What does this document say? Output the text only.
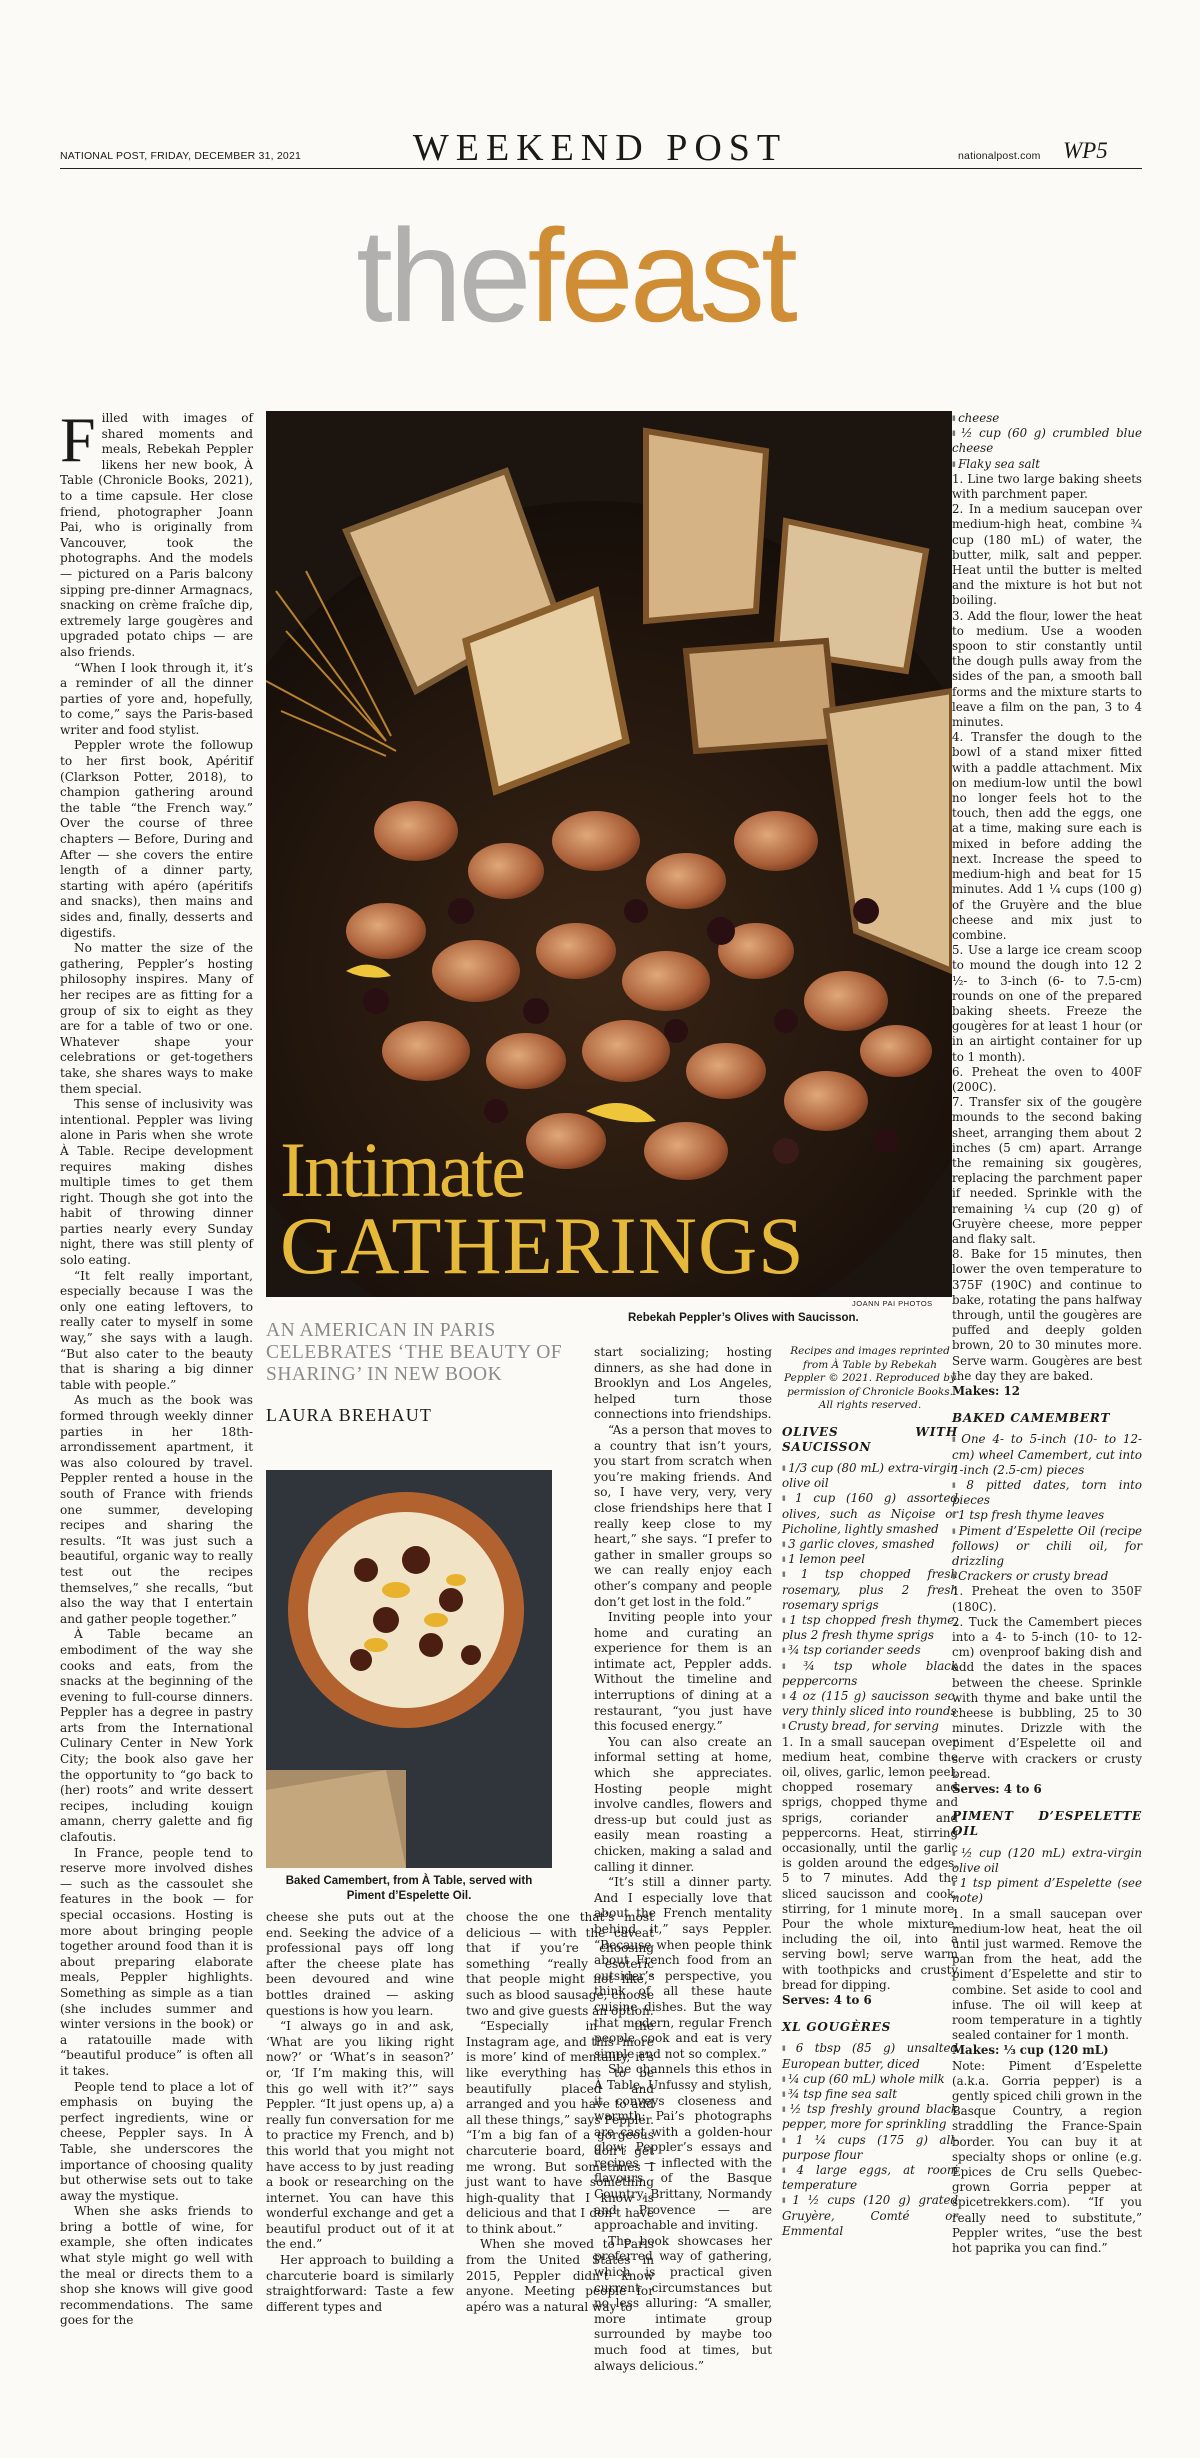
NATIONAL POST, FRIDAY, DECEMBER 31, 2021	WEEKEND POST	nationalpost.com WP5
thefeast
Intimate
GATHERINGS
JOANN PAI PHOTOS
Rebekah Peppler’s Olives with Saucisson.
AN AMERICAN IN PARIS CELEBRATES ‘THE BEAUTY OF SHARING’ IN NEW BOOK
LAURA BREHAUT
Baked Camembert, from À Table, served with Piment d’Espelette Oil.

Filled with images of shared moments and meals, Rebekah Peppler likens her new book, À Table (Chronicle Books, 2021), to a time capsule. Her close friend, photographer Joann Pai, who is originally from Vancouver, took the photographs. And the models — pictured on a Paris balcony sipping pre-dinner Armagnacs, snacking on crème fraîche dip, extremely large gougères and upgraded potato chips — are also friends.

“When I look through it, it’s a reminder of all the dinner parties of yore and, hopefully, to come,” says the Paris-based writer and food stylist.

Peppler wrote the followup to her first book, Apéritif (Clarkson Potter, 2018), to champion gathering around the table “the French way.” Over the course of three chapters — Before, During and After — she covers the entire length of a dinner party, starting with apéro (apéritifs and snacks), then mains and sides and, finally, desserts and digestifs.

No matter the size of the gathering, Peppler’s hosting philosophy inspires. Many of her recipes are as fitting for a group of six to eight as they are for a table of two or one. Whatever shape your celebrations or get-togethers take, she shares ways to make them special.

This sense of inclusivity was intentional. Peppler was living alone in Paris when she wrote À Table. Recipe development requires making dishes multiple times to get them right. Though she got into the habit of throwing dinner parties nearly every Sunday night, there was still plenty of solo eating.

“It felt really important, especially because I was the only one eating leftovers, to really cater to myself in some way,” she says with a laugh. “But also cater to the beauty that is sharing a big dinner table with people.”

As much as the book was formed through weekly dinner parties in her 18th-arrondissement apartment, it was also coloured by travel. Peppler rented a house in the south of France with friends one summer, developing recipes and sharing the results. “It was just such a beautiful, organic way to really test out the recipes themselves,” she recalls, “but also the way that I entertain and gather people together.”

À Table became an embodiment of the way she cooks and eats, from the snacks at the beginning of the evening to full-course dinners. Peppler has a degree in pastry arts from the International Culinary Center in New York City; the book also gave her the opportunity to “go back to (her) roots” and write dessert recipes, including kouign amann, cherry galette and fig clafoutis.

In France, people tend to reserve more involved dishes — such as the cassoulet she features in the book — for special occasions. Hosting is more about bringing people together around food than it is about preparing elaborate meals, Peppler highlights. Something as simple as a tian (she includes summer and winter versions in the book) or a ratatouille made with “beautiful produce” is often all it takes.

People tend to place a lot of emphasis on buying the perfect ingredients, wine or cheese, Peppler says. In À Table, she underscores the importance of choosing quality but otherwise sets out to take away the mystique.

When she asks friends to bring a bottle of wine, for example, she often indicates what style might go well with the meal or directs them to a shop she knows will give good recommendations. The same goes for the

cheese she puts out at the end. Seeking the advice of a professional pays off long after the cheese plate has been devoured and wine bottles drained — asking questions is how you learn.

“I always go in and ask, ‘What are you liking right now?’ or ‘What’s in season?’ or, ‘If I’m making this, will this go well with it?’” says Peppler. “It just opens up, a) a really fun conversation for me to practice my French, and b) this world that you might not have access to by just reading a book or researching on the internet. You can have this wonderful exchange and get a beautiful product out of it at the end.”

Her approach to building a charcuterie board is similarly straightforward: Taste a few different types and

choose the one that’s most delicious — with the caveat that if you’re choosing something “really esoteric that people might not like,” such as blood sausage, choose two and give guests an option.

“Especially in the Instagram age, and this ‘more is more’ kind of mentality, it’s like everything has to be beautifully placed and arranged and you have to add all these things,” says Peppler. “I’m a big fan of a gorgeous charcuterie board, don’t get me wrong. But sometimes I just want to have something high-quality that I know is delicious and that I don’t have to think about.”

When she moved to Paris from the United States in 2015, Peppler didn’t know anyone. Meeting people for apéro was a natural way to

start socializing; hosting dinners, as she had done in Brooklyn and Los Angeles, helped turn those connections into friendships.

“As a person that moves to a country that isn’t yours, you start from scratch when you’re making friends. And so, I have very, very, very close friendships here that I really keep close to my heart,” she says. “I prefer to gather in smaller groups so we can really enjoy each other’s company and people don’t get lost in the fold.”

Inviting people into your home and curating an experience for them is an intimate act, Peppler adds. Without the timeline and interruptions of dining at a restaurant, “you just have this focused energy.”

You can also create an informal setting at home, which she appreciates. Hosting people might involve candles, flowers and dress-up but could just as easily mean roasting a chicken, making a salad and calling it dinner.

“It’s still a dinner party. And I especially love that about the French mentality behind it,” says Peppler. “Because when people think about French food from an outsider’s perspective, you think of all these haute cuisine dishes. But the way that modern, regular French people cook and eat is very simple and not so complex.”

She channels this ethos in À Table. Unfussy and stylish, it conveys closeness and warmth: Pai’s photographs are cast with a golden-hour glow; Peppler’s essays and recipes — inflected with the flavours of the Basque Country, Brittany, Normandy and Provence — are approachable and inviting.

The book showcases her preferred way of gathering, which is practical given current circumstances but no less alluring: “A smaller, more intimate group surrounded by maybe too much food at times, but always delicious.”

Recipes and images reprinted from À Table by Rebekah Peppler © 2021. Reproduced by permission of Chronicle Books. All rights reserved.

OLIVES WITH SAUCISSON

▮ 1/3 cup (80 mL) extra-virgin olive oil

▮ 1 cup (160 g) assorted olives, such as Niçoise or Picholine, lightly smashed

▮ 3 garlic cloves, smashed

▮ 1 lemon peel

▮ 1 tsp chopped fresh rosemary, plus 2 fresh rosemary sprigs

▮ 1 tsp chopped fresh thyme, plus 2 fresh thyme sprigs

▮ ¾ tsp coriander seeds

▮ ¾ tsp whole black peppercorns

▮ 4 oz (115 g) saucisson sec, very thinly sliced into rounds

▮ Crusty bread, for serving

1. In a small saucepan over medium heat, combine the oil, olives, garlic, lemon peel, chopped rosemary and sprigs, chopped thyme and sprigs, coriander and peppercorns. Heat, stirring occasionally, until the garlic is golden around the edges, 5 to 7 minutes. Add the sliced saucisson and cook, stirring, for 1 minute more. Pour the whole mixture, including the oil, into a serving bowl; serve warm with toothpicks and crusty bread for dipping.

Serves: 4 to 6

XL GOUGÈRES

▮ 6 tbsp (85 g) unsalted European butter, diced

▮ ¼ cup (60 mL) whole milk

▮ ¾ tsp fine sea salt

▮ ½ tsp freshly ground black pepper, more for sprinkling

▮ 1 ¼ cups (175 g) all-purpose flour

▮ 4 large eggs, at room temperature

▮ 1 ½ cups (120 g) grated Gruyère, Comté or Emmental

▮ cheese

▮ ½ cup (60 g) crumbled blue cheese

▮ Flaky sea salt

1. Line two large baking sheets with parchment paper.

2. In a medium saucepan over medium-high heat, combine ¾ cup (180 mL) of water, the butter, milk, salt and pepper. Heat until the butter is melted and the mixture is hot but not boiling.

3. Add the flour, lower the heat to medium. Use a wooden spoon to stir constantly until the dough pulls away from the sides of the pan, a smooth ball forms and the mixture starts to leave a film on the pan, 3 to 4 minutes.

4. Transfer the dough to the bowl of a stand mixer fitted with a paddle attachment. Mix on medium-low until the bowl no longer feels hot to the touch, then add the eggs, one at a time, making sure each is mixed in before adding the next. Increase the speed to medium-high and beat for 15 minutes. Add 1 ¼ cups (100 g) of the Gruyère and the blue cheese and mix just to combine.

5. Use a large ice cream scoop to mound the dough into 12 2 ½- to 3-inch (6- to 7.5-cm) rounds on one of the prepared baking sheets. Freeze the gougères for at least 1 hour (or in an airtight container for up to 1 month).

6. Preheat the oven to 400F (200C).

7. Transfer six of the gougère mounds to the second baking sheet, arranging them about 2 inches (5 cm) apart. Arrange the remaining six gougères, replacing the parchment paper if needed. Sprinkle with the remaining ¼ cup (20 g) of Gruyère cheese, more pepper and flaky salt.

8. Bake for 15 minutes, then lower the oven temperature to 375F (190C) and continue to bake, rotating the pans halfway through, until the gougères are puffed and deeply golden brown, 20 to 30 minutes more. Serve warm. Gougères are best the day they are baked.

Makes: 12

BAKED CAMEMBERT

▮ One 4- to 5-inch (10- to 12-cm) wheel Camembert, cut into 1-inch (2.5-cm) pieces

▮ 8 pitted dates, torn into pieces

▮ 1 tsp fresh thyme leaves

▮ Piment d’Espelette Oil (recipe follows) or chili oil, for drizzling

▮ Crackers or crusty bread

1. Preheat the oven to 350F (180C).

2. Tuck the Camembert pieces into a 4- to 5-inch (10- to 12-cm) ovenproof baking dish and add the dates in the spaces between the cheese. Sprinkle with thyme and bake until the cheese is bubbling, 25 to 30 minutes. Drizzle with the piment d’Espelette oil and serve with crackers or crusty bread.

Serves: 4 to 6

PIMENT D’ESPELETTE OIL

▮ ½ cup (120 mL) extra-virgin olive oil

▮ 1 tsp piment d’Espelette (see note)

1. In a small saucepan over medium-low heat, heat the oil until just warmed. Remove the pan from the heat, add the piment d’Espelette and stir to combine. Set aside to cool and infuse. The oil will keep at room temperature in a tightly sealed container for 1 month.

Makes: ⅓ cup (120 mL)

Note: Piment d’Espelette (a.k.a. Gorria pepper) is a gently spiced chili grown in the Basque Country, a region straddling the France-Spain border. You can buy it at specialty shops or online (e.g. Épices de Cru sells Quebec-grown Gorria pepper at spicetrekkers.com). “If you really need to substitute,” Peppler writes, “use the best hot paprika you can find.”
